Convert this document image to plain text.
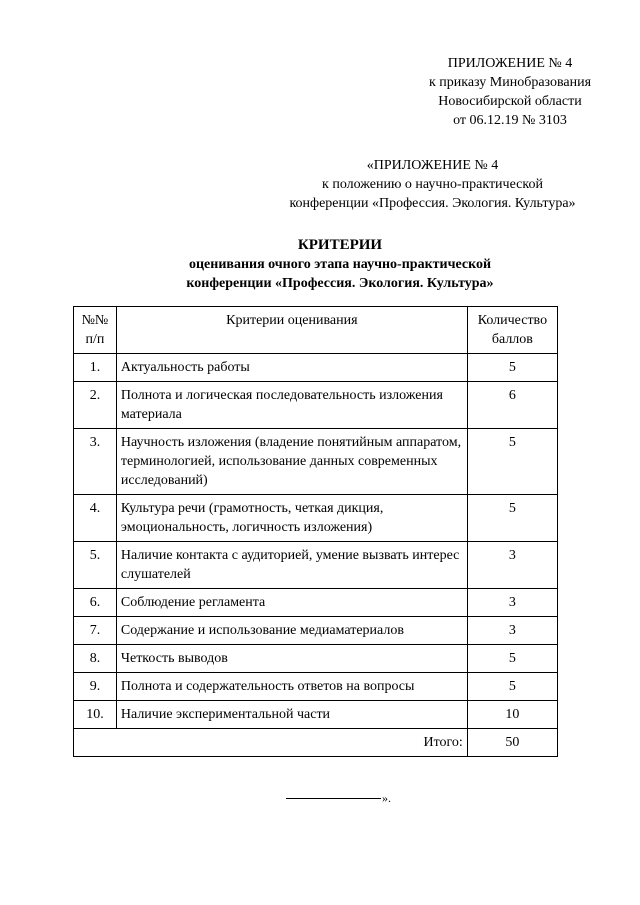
ПРИЛОЖЕНИЕ № 4
к приказу Минобразования
Новосибирской области
от 06.12.19 № 3103
«ПРИЛОЖЕНИЕ № 4
к положению о научно-практической
конференции «Профессия. Экология. Культура»
КРИТЕРИИ
оценивания очного этапа научно-практической
конференции «Профессия. Экология. Культура»
№№ п/п	Критерии оценивания	Количество баллов
1.	Актуальность работы	5
2.	Полнота и логическая последовательность изложения материала	6
3.	Научность изложения (владение понятийным аппаратом, терминологией, использование данных современных исследований)	5
4.	Культура речи (грамотность, четкая дикция, эмоциональность, логичность изложения)	5
5.	Наличие контакта с аудиторией, умение вызвать интерес слушателей	3
6.	Соблюдение регламента	3
7.	Содержание и использование медиаматериалов	3
8.	Четкость выводов	5
9.	Полнота и содержательность ответов на вопросы	5
10.	Наличие экспериментальной части	10
Итого:		50
».
